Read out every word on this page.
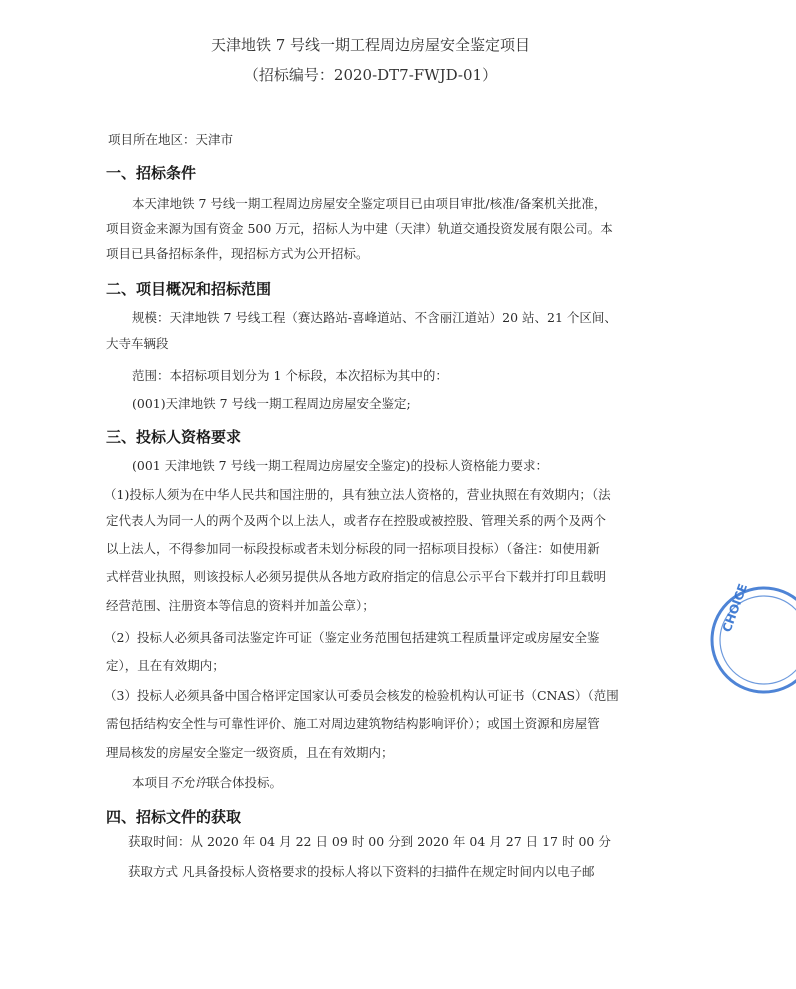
天津地铁 7 号线一期工程周边房屋安全鉴定项目
（招标编号：2020-DT7-FWJD-01）
项目所在地区：天津市
一、招标条件
本天津地铁 7 号线一期工程周边房屋安全鉴定项目已由项目审批/核准/备案机关批准，
项目资金来源为国有资金 500 万元，招标人为中建（天津）轨道交通投资发展有限公司。本
项目已具备招标条件，现招标方式为公开招标。
二、项目概况和招标范围
规模：天津地铁 7 号线工程（赛达路站-喜峰道站、不含丽江道站）20 站、21 个区间、
大寺车辆段
范围：本招标项目划分为 1 个标段，本次招标为其中的：
(001)天津地铁 7 号线一期工程周边房屋安全鉴定;
三、投标人资格要求
(001 天津地铁 7 号线一期工程周边房屋安全鉴定)的投标人资格能力要求：
（1)投标人须为在中华人民共和国注册的，具有独立法人资格的，营业执照在有效期内；（法
定代表人为同一人的两个及两个以上法人，或者存在控股或被控股、管理关系的两个及两个
以上法人，不得参加同一标段投标或者未划分标段的同一招标项目投标）（备注：如使用新
式样营业执照，则该投标人必须另提供从各地方政府指定的信息公示平台下载并打印且载明
经营范围、注册资本等信息的资料并加盖公章）；
（2）投标人必须具备司法鉴定许可证（鉴定业务范围包括建筑工程质量评定或房屋安全鉴
定），且在有效期内；
（3）投标人必须具备中国合格评定国家认可委员会核发的检验机构认可证书（CNAS）（范围
需包括结构安全性与可靠性评价、施工对周边建筑物结构影响评价）；或国土资源和房屋管
理局核发的房屋安全鉴定一级资质，且在有效期内；
本项目不允许联合体投标。
四、招标文件的获取
获取时间：从 2020 年 04 月 22 日 09 时 00 分到 2020 年 04 月 27 日 17 时 00 分
获取方式 凡具备投标人资格要求的投标人将以下资料的扫描件在规定时间内以电子邮
CHOICE
